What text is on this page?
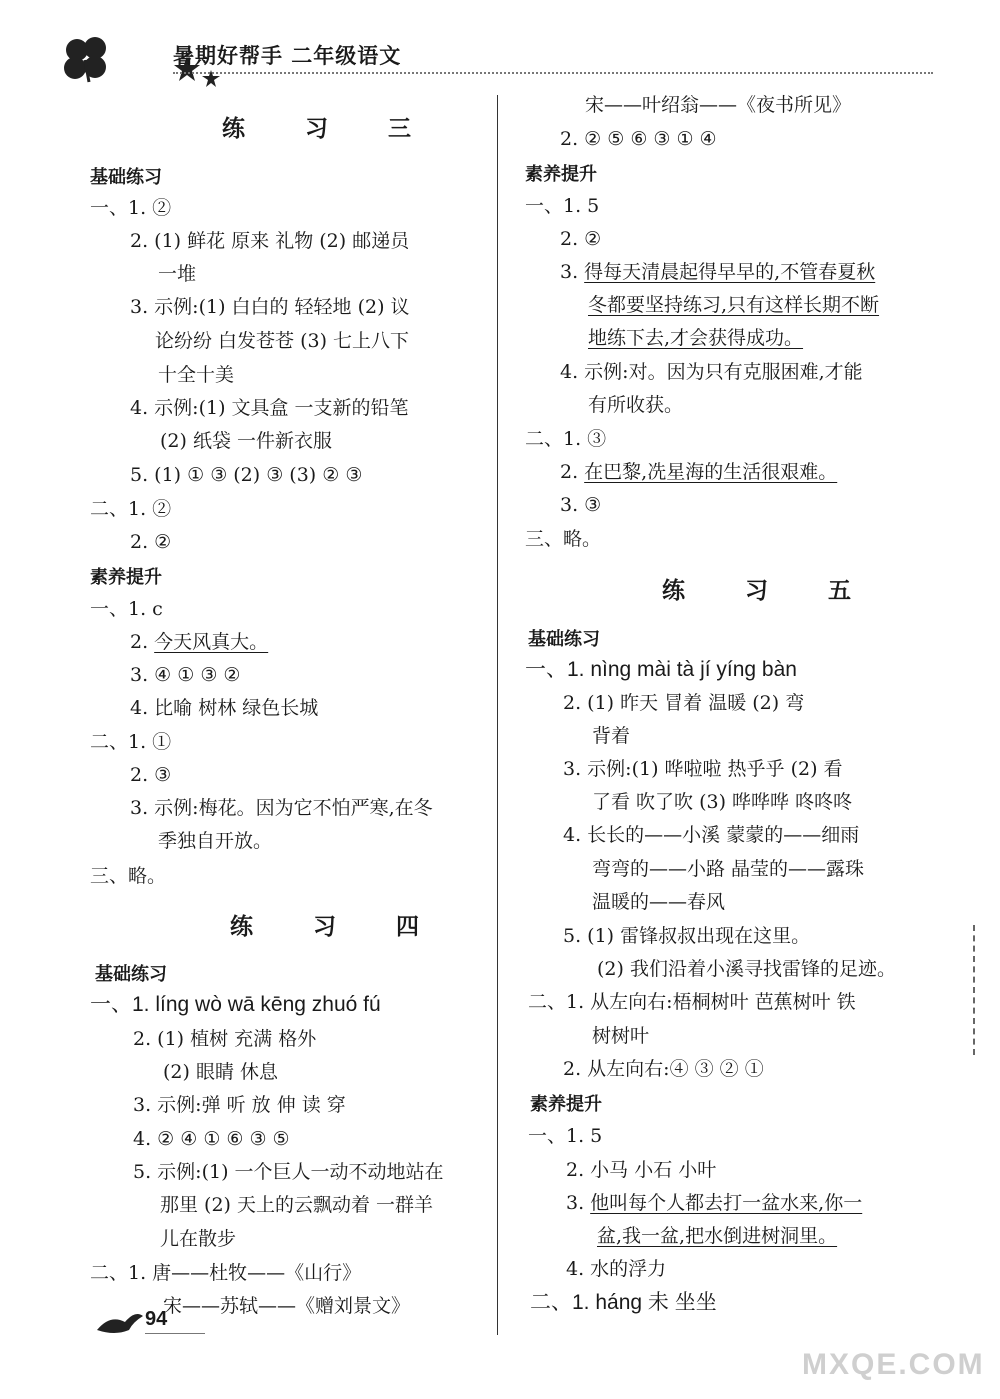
暑期好帮手 二年级语文
练 习 三
基础练习
一、1. ②
2. (1) 鲜花 原来 礼物 (2) 邮递员
一堆
3. 示例:(1) 白白的 轻轻地 (2) 议
论纷纷 白发苍苍 (3) 七上八下
十全十美
4. 示例:(1) 文具盒 一支新的铅笔
(2) 纸袋 一件新衣服
5. (1) ① ③ (2) ③ (3) ② ③
二、1. ②
2. ②
素养提升
一、1. c
2. 今天风真大。
3. ④ ① ③ ②
4. 比喻 树林 绿色长城
二、1. ①
2. ③
3. 示例:梅花。因为它不怕严寒,在冬
季独自开放。
三、略。
练 习 四
基础练习
一、1. líng wò wā kēng zhuó fú
2. (1) 植树 充满 格外
(2) 眼睛 休息
3. 示例:弹 听 放 伸 读 穿
4. ② ④ ① ⑥ ③ ⑤
5. 示例:(1) 一个巨人一动不动地站在
那里 (2) 天上的云飘动着 一群羊
儿在散步
二、1. 唐——杜牧——《山行》
宋——苏轼——《赠刘景文》
宋——叶绍翁——《夜书所见》
2. ② ⑤ ⑥ ③ ① ④
素养提升
一、1. 5
2. ②
3. 得每天清晨起得早早的,不管春夏秋
冬都要坚持练习,只有这样长期不断
地练下去,才会获得成功。
4. 示例:对。因为只有克服困难,才能
有所收获。
二、1. ③
2. 在巴黎,冼星海的生活很艰难。
3. ③
三、略。
练 习 五
基础练习
一、1. nìng mài tà jí yíng bàn
2. (1) 昨天 冒着 温暖 (2) 弯
背着
3. 示例:(1) 哗啦啦 热乎乎 (2) 看
了看 吹了吹 (3) 哗哗哗 咚咚咚
4. 长长的——小溪 蒙蒙的——细雨
弯弯的——小路 晶莹的——露珠
温暖的——春风
5. (1) 雷锋叔叔出现在这里。
(2) 我们沿着小溪寻找雷锋的足迹。
二、1. 从左向右:梧桐树叶 芭蕉树叶 铁
树树叶
2. 从左向右:④ ③ ② ①
素养提升
一、1. 5
2. 小马 小石 小叶
3. 他叫每个人都去打一盆水来,你一
盆,我一盆,把水倒进树洞里。
4. 水的浮力
二、1. háng 未 坐坐
94
MXQE.COM
